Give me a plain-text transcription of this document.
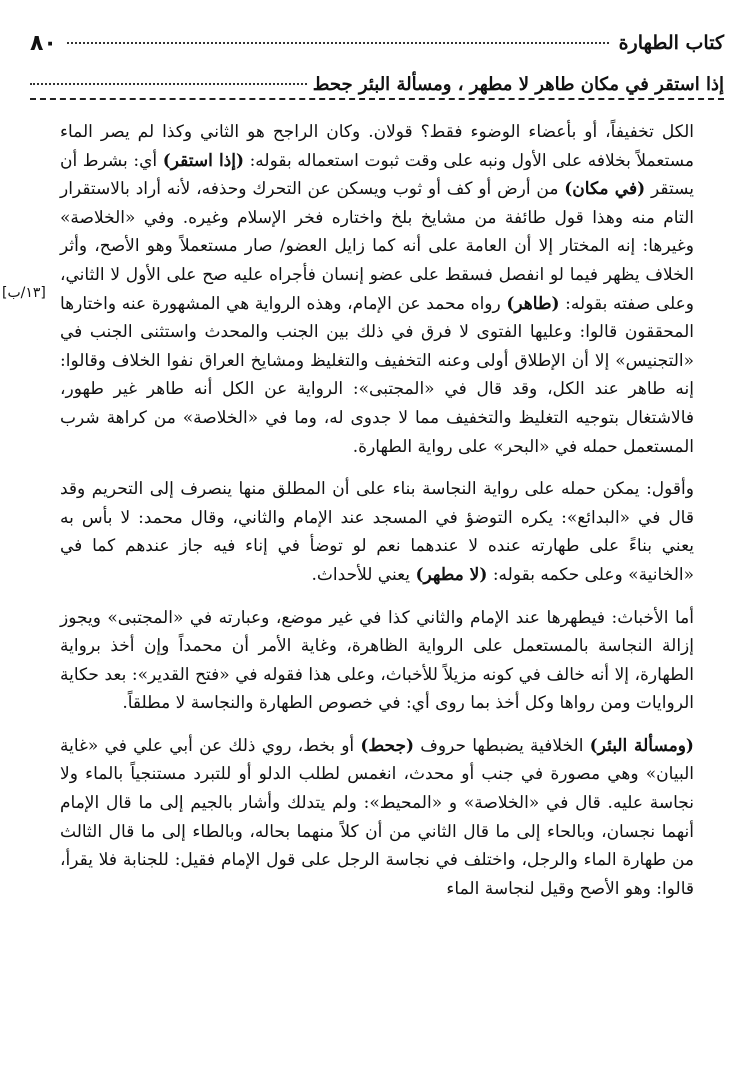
كتاب الطهارة
٨٠
إذا استقر في مكان طاهر لا مطهر ، ومسألة البئر جحط
[١٣/ب]

الكل تخفيفاً، أو بأعضاء الوضوء فقط؟ قولان. وكان الراجح هو الثاني وكذا لم يصر الماء مستعملاً بخلافه على الأول ونبه على وقت ثبوت استعماله بقوله: (إذا استقر) أي: بشرط أن يستقر (في مكان) من أرض أو كف أو ثوب ويسكن عن التحرك وحذفه، لأنه أراد بالاستقرار التام منه وهذا قول طائفة من مشايخ بلخ واختاره فخر الإسلام وغيره. وفي «الخلاصة» وغيرها: إنه المختار إلا أن العامة على أنه كما زايل العضو/ صار مستعملاً وهو الأصح، وأثر الخلاف يظهر فيما لو انفصل فسقط على عضو إنسان فأجراه عليه صح على الأول لا الثاني، وعلى صفته بقوله: (طاهر) رواه محمد عن الإمام، وهذه الرواية هي المشهورة عنه واختارها المحققون قالوا: وعليها الفتوى لا فرق في ذلك بين الجنب والمحدث واستثنى الجنب في «التجنيس» إلا أن الإطلاق أولى وعنه التخفيف والتغليظ ومشايخ العراق نفوا الخلاف وقالوا: إنه طاهر عند الكل، وقد قال في «المجتبى»: الرواية عن الكل أنه طاهر غير طهور، فالاشتغال بتوجيه التغليظ والتخفيف مما لا جدوى له، وما في «الخلاصة» من كراهة شرب المستعمل حمله في «البحر» على رواية الطهارة.

وأقول: يمكن حمله على رواية النجاسة بناء على أن المطلق منها ينصرف إلى التحريم وقد قال في «البدائع»: يكره التوضؤ في المسجد عند الإمام والثاني، وقال محمد: لا بأس به يعني بناءً على طهارته عنده لا عندهما نعم لو توضأ في إناء فيه جاز عندهم كما في «الخانية» وعلى حكمه بقوله: (لا مطهر) يعني للأحداث.

أما الأخباث: فيطهرها عند الإمام والثاني كذا في غير موضع، وعبارته في «المجتبى» ويجوز إزالة النجاسة بالمستعمل على الرواية الظاهرة، وغاية الأمر أن محمداً وإن أخذ برواية الطهارة، إلا أنه خالف في كونه مزيلاً للأخباث، وعلى هذا فقوله في «فتح القدير»: بعد حكاية الروايات ومن رواها وكل أخذ بما روى أي: في خصوص الطهارة والنجاسة لا مطلقاً.

(ومسألة البئر) الخلافية يضبطها حروف (جحط) أو بخط، روي ذلك عن أبي علي في «غاية البيان» وهي مصورة في جنب أو محدث، انغمس لطلب الدلو أو للتبرد مستنجياً بالماء ولا نجاسة عليه. قال في «الخلاصة» و «المحيط»: ولم يتدلك وأشار بالجيم إلى ما قال الإمام أنهما نجسان، وبالحاء إلى ما قال الثاني من أن كلاً منهما بحاله، وبالطاء إلى ما قال الثالث من طهارة الماء والرجل، واختلف في نجاسة الرجل على قول الإمام فقيل: للجنابة فلا يقرأ، قالوا: وهو الأصح وقيل لنجاسة الماء
